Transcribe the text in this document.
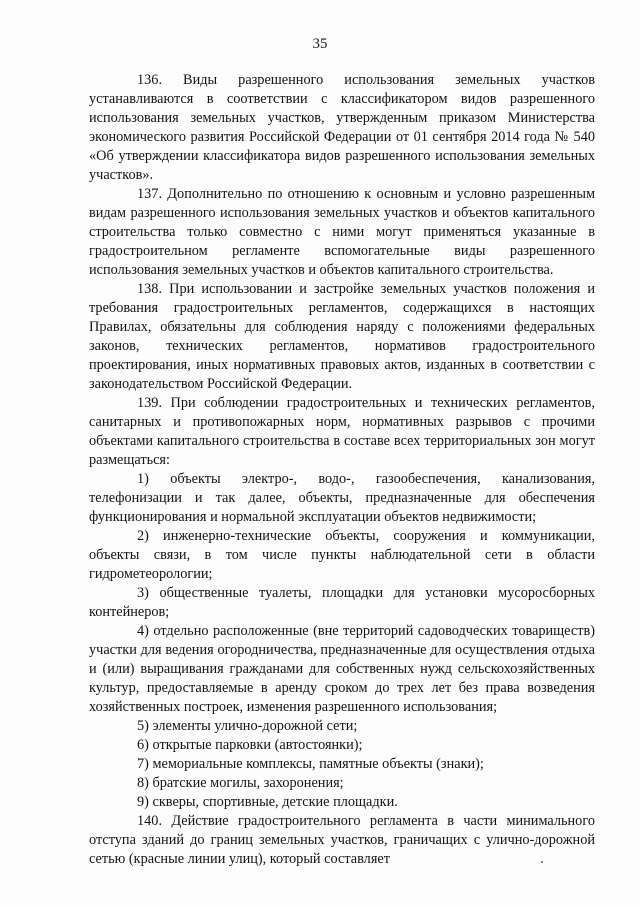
35

136. Виды разрешенного использования земельных участков устанавливаются в соответствии с классификатором видов разрешенного использования земельных участков, утвержденным приказом Министерства экономического развития Российской Федерации от 01 сентября 2014 года № 540 «Об утверждении классификатора видов разрешенного использования земельных участков».

137. Дополнительно по отношению к основным и условно разрешенным видам разрешенного использования земельных участков и объектов капитального строительства только совместно с ними могут применяться указанные в градостроительном регламенте вспомогательные виды разрешенного использования земельных участков и объектов капитального строительства.

138. При использовании и застройке земельных участков положения и требования градостроительных регламентов, содержащихся в настоящих Правилах, обязательны для соблюдения наряду с положениями федеральных законов, технических регламентов, нормативов градостроительного проектирования, иных нормативных правовых актов, изданных в соответствии с законодательством Российской Федерации.

139. При соблюдении градостроительных и технических регламентов, санитарных и противопожарных норм, нормативных разрывов с прочими объектами капитального строительства в составе всех территориальных зон могут размещаться:

1) объекты электро-, водо-, газообеспечения, канализования, телефонизации и так далее, объекты, предназначенные для обеспечения функционирования и нормальной эксплуатации объектов недвижимости;

2) инженерно-технические объекты, сооружения и коммуникации, объекты связи, в том числе пункты наблюдательной сети в области гидрометеорологии;

3) общественные туалеты, площадки для установки мусоросборных контейнеров;

4) отдельно расположенные (вне территорий садоводческих товариществ) участки для ведения огородничества, предназначенные для осуществления отдыха и (или) выращивания гражданами для собственных нужд сельскохозяйственных культур, предоставляемые в аренду сроком до трех лет без права возведения хозяйственных построек, изменения разрешенного использования;

5) элементы улично-дорожной сети;

6) открытые парковки (автостоянки);

7) мемориальные комплексы, памятные объекты (знаки);

8) братские могилы, захоронения;

9) скверы, спортивные, детские площадки.

140. Действие градостроительного регламента в части минимального отступа зданий до границ земельных участков, граничащих с улично-дорожной сетью (красные линии улиц), который составляет
